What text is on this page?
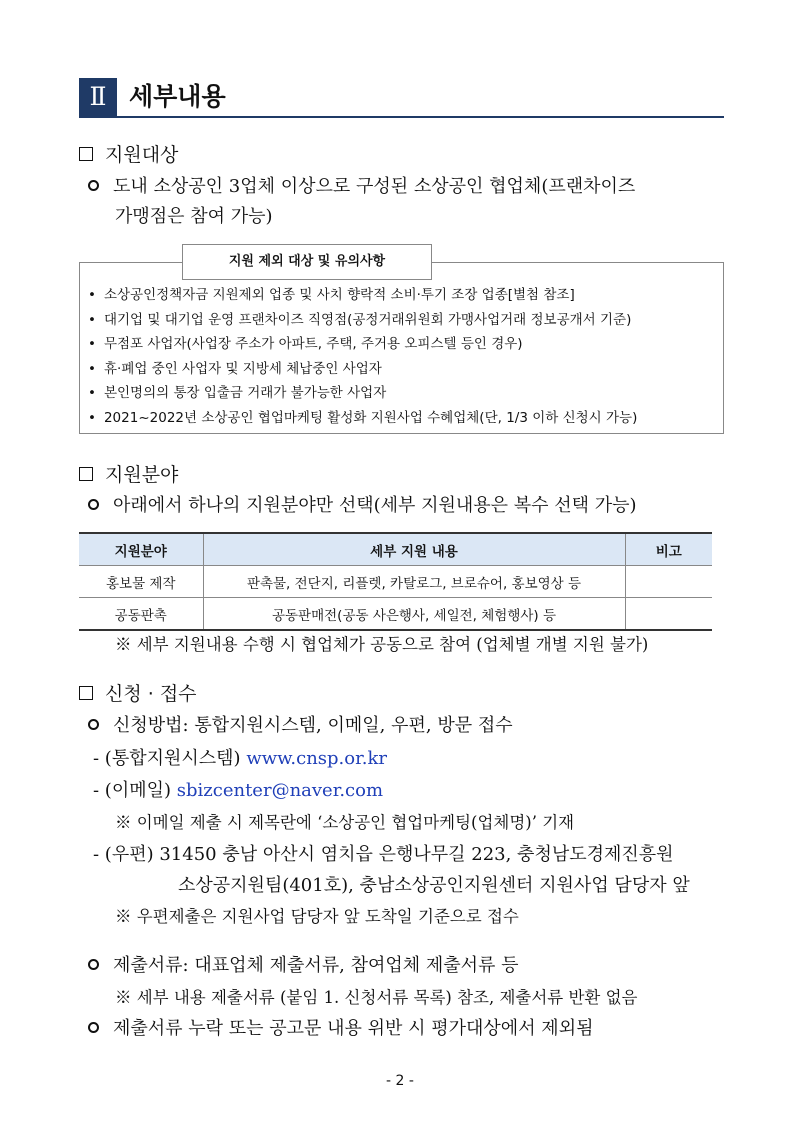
Ⅱ 세부내용
지원대상
도내 소상공인 3업체 이상으로 구성된 소상공인 협업체(프랜차이즈
가맹점은 참여 가능)
지원 제외 대상 및 유의사항
• 소상공인정책자금 지원제외 업종 및 사치 향락적 소비·투기 조장 업종[별첨 참조]
• 대기업 및 대기업 운영 프랜차이즈 직영점(공정거래위원회 가맹사업거래 정보공개서 기준)
• 무점포 사업자(사업장 주소가 아파트, 주택, 주거용 오피스텔 등인 경우)
• 휴·폐업 중인 사업자 및 지방세 체납중인 사업자
• 본인명의의 통장 입출금 거래가 불가능한 사업자
• 2021~2022년 소상공인 협업마케팅 활성화 지원사업 수혜업체(단, 1/3 이하 신청시 가능)
지원분야
아래에서 하나의 지원분야만 선택(세부 지원내용은 복수 선택 가능)
지원분야	세부 지원 내용	비고
홍보물 제작	판촉물, 전단지, 리플렛, 카탈로그, 브로슈어, 홍보영상 등	
공동판촉	공동판매전(공동 사은행사, 세일전, 체험행사) 등	
※ 세부 지원내용 수행 시 협업체가 공동으로 참여 (업체별 개별 지원 불가)
신청 · 접수
신청방법: 통합지원시스템, 이메일, 우편, 방문 접수
- (통합지원시스템) www.cnsp.or.kr
- (이메일) sbizcenter@naver.com
※ 이메일 제출 시 제목란에 ‘소상공인 협업마케팅(업체명)’ 기재
- (우편) 31450 충남 아산시 염치읍 은행나무길 223, 충청남도경제진흥원
소상공지원팀(401호), 충남소상공인지원센터 지원사업 담당자 앞
※ 우편제출은 지원사업 담당자 앞 도착일 기준으로 접수
제출서류: 대표업체 제출서류, 참여업체 제출서류 등
※ 세부 내용 제출서류 (붙임 1. 신청서류 목록) 참조, 제출서류 반환 없음
제출서류 누락 또는 공고문 내용 위반 시 평가대상에서 제외됨
- 2 -
